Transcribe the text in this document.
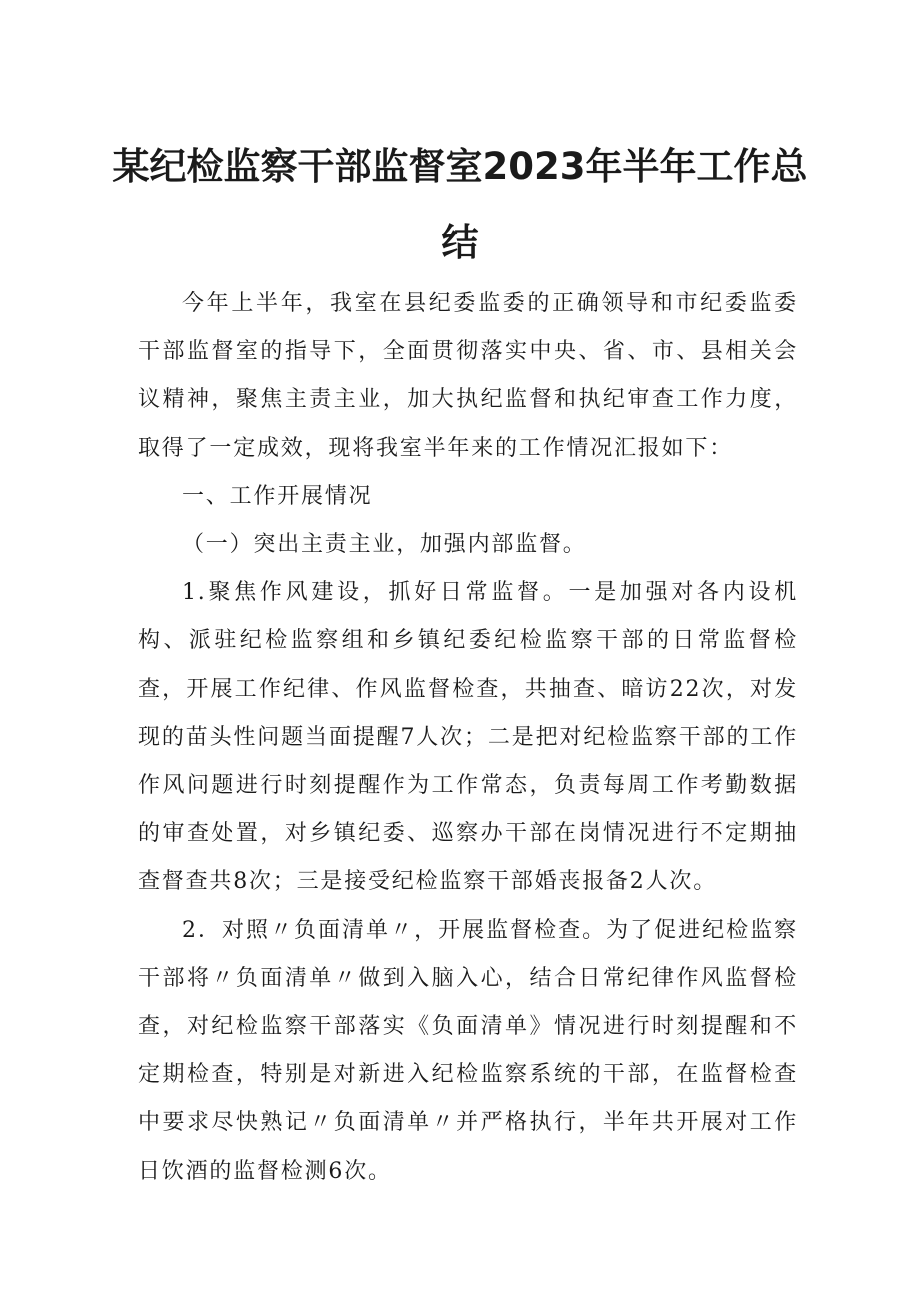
某纪检监察干部监督室2023年半年工作总
结

今年上半年，我室在县纪委监委的正确领导和市纪委监委干部监督室的指导下，全面贯彻落实中央、省、市、县相关会议精神，聚焦主责主业，加大执纪监督和执纪审查工作力度，取得了一定成效，现将我室半年来的工作情况汇报如下：

一、工作开展情况

（一）突出主责主业，加强内部监督。

1.聚焦作风建设，抓好日常监督。一是加强对各内设机构、派驻纪检监察组和乡镇纪委纪检监察干部的日常监督检查，开展工作纪律、作风监督检查，共抽查、暗访22次，对发现的苗头性问题当面提醒7人次；二是把对纪检监察干部的工作作风问题进行时刻提醒作为工作常态，负责每周工作考勤数据的审查处置，对乡镇纪委、巡察办干部在岗情况进行不定期抽查督查共8次；三是接受纪检监察干部婚丧报备2人次。

2．对照〃负面清单〃，开展监督检查。为了促进纪检监察干部将〃负面清单〃做到入脑入心，结合日常纪律作风监督检查，对纪检监察干部落实《负面清单》情况进行时刻提醒和不定期检查，特别是对新进入纪检监察系统的干部，在监督检查中要求尽快熟记〃负面清单〃并严格执行，半年共开展对工作日饮酒的监督检测6次。
